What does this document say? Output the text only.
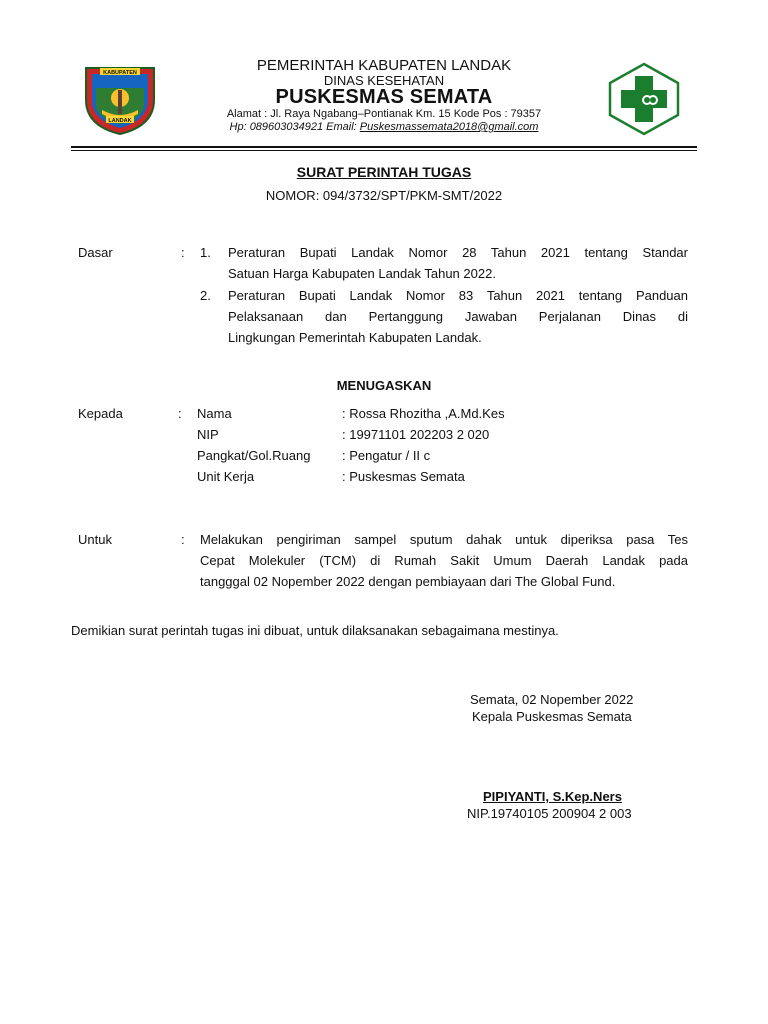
KABUPATEN
LANDAK
PEMERINTAH KABUPATEN LANDAK
DINAS KESEHATAN
PUSKESMAS SEMATA
Alamat : Jl. Raya Ngabang–Pontianak Km. 15 Kode Pos : 79357
Hp: 089603034921 Email: Puskesmassemata2018@gmail.com
SURAT PERINTAH TUGAS
NOMOR: 094/3732/SPT/PKM-SMT/2022
Dasar	: 1. Peraturan Bupati Landak Nomor 28 Tahun 2021 tentang Standar
Satuan Harga Kabupaten Landak Tahun 2022.
2. Peraturan Bupati Landak Nomor 83 Tahun 2021 tentang Panduan
Pelaksanaan dan Pertanggung Jawaban Perjalanan Dinas di
Lingkungan Pemerintah Kabupaten Landak.
MENUGASKAN
Kepada	: Nama	: Rossa Rhozitha ,A.Md.Kes
NIP	: 19971101 202203 2 020
Pangkat/Gol.Ruang : Pengatur / II c
Unit Kerja	: Puskesmas Semata
Untuk	: Melakukan pengiriman sampel sputum dahak untuk diperiksa pasa Tes
Cepat Molekuler (TCM) di Rumah Sakit Umum Daerah Landak pada
tangggal 02 Nopember 2022 dengan pembiayaan dari The Global Fund.
Demikian surat perintah tugas ini dibuat, untuk dilaksanakan sebagaimana mestinya.
Semata, 02 Nopember 2022
Kepala Puskesmas Semata
PIPIYANTI, S.Kep.Ners
NIP.19740105 200904 2 003
